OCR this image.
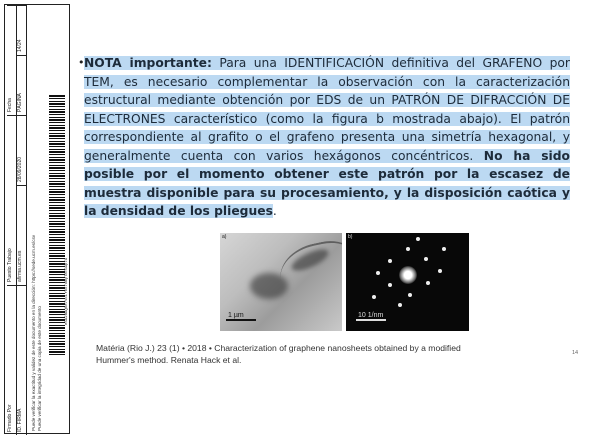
Firmado Por
Puesto Trabajo
Fecha
ID. FIRMA
afirma.ucm.es
28/09/2020
PÁGINA
14/24
Puede verificar la exactitud y validez de este documento en la dirección: https://sede.ucm.es/csv Puede verificar la integridad de una copia de este documento
eSA2BAQ0e7VcLY6x7oWyT8TGGp7A
• NOTA importante: Para una IDENTIFICACIÓN definitiva del GRAFENO por TEM, es necesario complementar la observación con la caracterización estructural mediante obtención por EDS de un PATRÓN DE DIFRACCIÓN DE ELECTRONES característico (como la figura b mostrada abajo). El patrón correspondiente al grafito o el grafeno presenta una simetría hexagonal, y generalmente cuenta con varios hexágonos concéntricos. No ha sido posible por el momento obtener este patrón por la escasez de muestra disponible para su procesamiento, y la disposición caótica y la densidad de los pliegues.

a)
1 µm
b)
10 1/nm
Matéria (Rio J.) 23 (1) • 2018 • Characterization of graphene nanosheets obtained by a modified
Hummer's method. Renata Hack et al.
14
